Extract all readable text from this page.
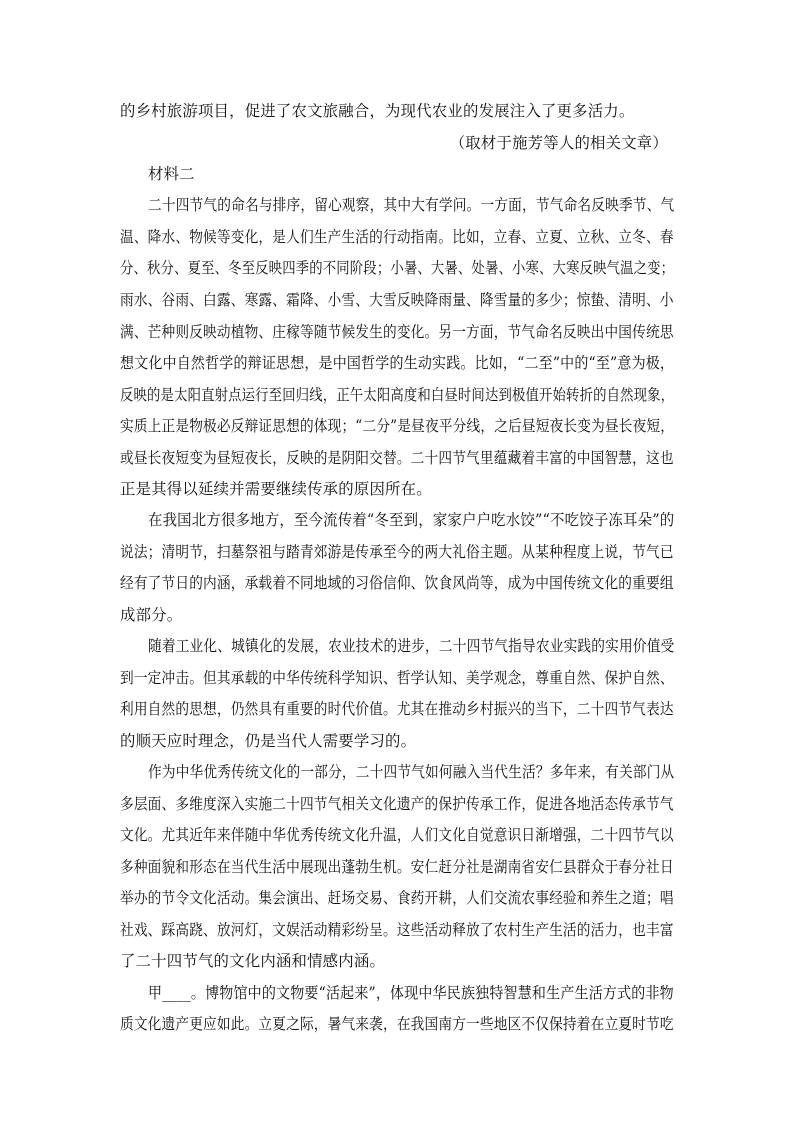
的乡村旅游项目，促进了农文旅融合，为现代农业的发展注入了更多活力。
（取材于施芳等人的相关文章）
材料二
二十四节气的命名与排序，留心观察，其中大有学问。一方面，节气命名反映季节、气
温、降水、物候等变化，是人们生产生活的行动指南。比如，立春、立夏、立秋、立冬、春
分、秋分、夏至、冬至反映四季的不同阶段；小暑、大暑、处暑、小寒、大寒反映气温之变；
雨水、谷雨、白露、寒露、霜降、小雪、大雪反映降雨量、降雪量的多少；惊蛰、清明、小
满、芒种则反映动植物、庄稼等随节候发生的变化。另一方面，节气命名反映出中国传统思
想文化中自然哲学的辩证思想，是中国哲学的生动实践。比如，“二至”中的“至”意为极，
反映的是太阳直射点运行至回归线，正午太阳高度和白昼时间达到极值开始转折的自然现象，
实质上正是物极必反辩证思想的体现；“二分”是昼夜平分线，之后昼短夜长变为昼长夜短，
或昼长夜短变为昼短夜长，反映的是阴阳交替。二十四节气里蕴藏着丰富的中国智慧，这也
正是其得以延续并需要继续传承的原因所在。
在我国北方很多地方，至今流传着“冬至到，家家户户吃水饺”“不吃饺子冻耳朵”的
说法；清明节，扫墓祭祖与踏青郊游是传承至今的两大礼俗主题。从某种程度上说，节气已
经有了节日的内涵，承载着不同地域的习俗信仰、饮食风尚等，成为中国传统文化的重要组
成部分。
随着工业化、城镇化的发展，农业技术的进步，二十四节气指导农业实践的实用价值受
到一定冲击。但其承载的中华传统科学知识、哲学认知、美学观念，尊重自然、保护自然、
利用自然的思想，仍然具有重要的时代价值。尤其在推动乡村振兴的当下，二十四节气表达
的顺天应时理念，仍是当代人需要学习的。
作为中华优秀传统文化的一部分，二十四节气如何融入当代生活？多年来，有关部门从
多层面、多维度深入实施二十四节气相关文化遗产的保护传承工作，促进各地活态传承节气
文化。尤其近年来伴随中华优秀传统文化升温，人们文化自觉意识日渐增强，二十四节气以
多种面貌和形态在当代生活中展现出蓬勃生机。安仁赶分社是湖南省安仁县群众于春分社日
举办的节令文化活动。集会演出、赶场交易、食药开耕，人们交流农事经验和养生之道；唱
社戏、踩高跷、放河灯，文娱活动精彩纷呈。这些活动释放了农村生产生活的活力，也丰富
了二十四节气的文化内涵和情感内涵。
甲____。博物馆中的文物要“活起来”，体现中华民族独特智慧和生产生活方式的非物
质文化遗产更应如此。立夏之际，暑气来袭，在我国南方一些地区不仅保持着在立夏时节吃
